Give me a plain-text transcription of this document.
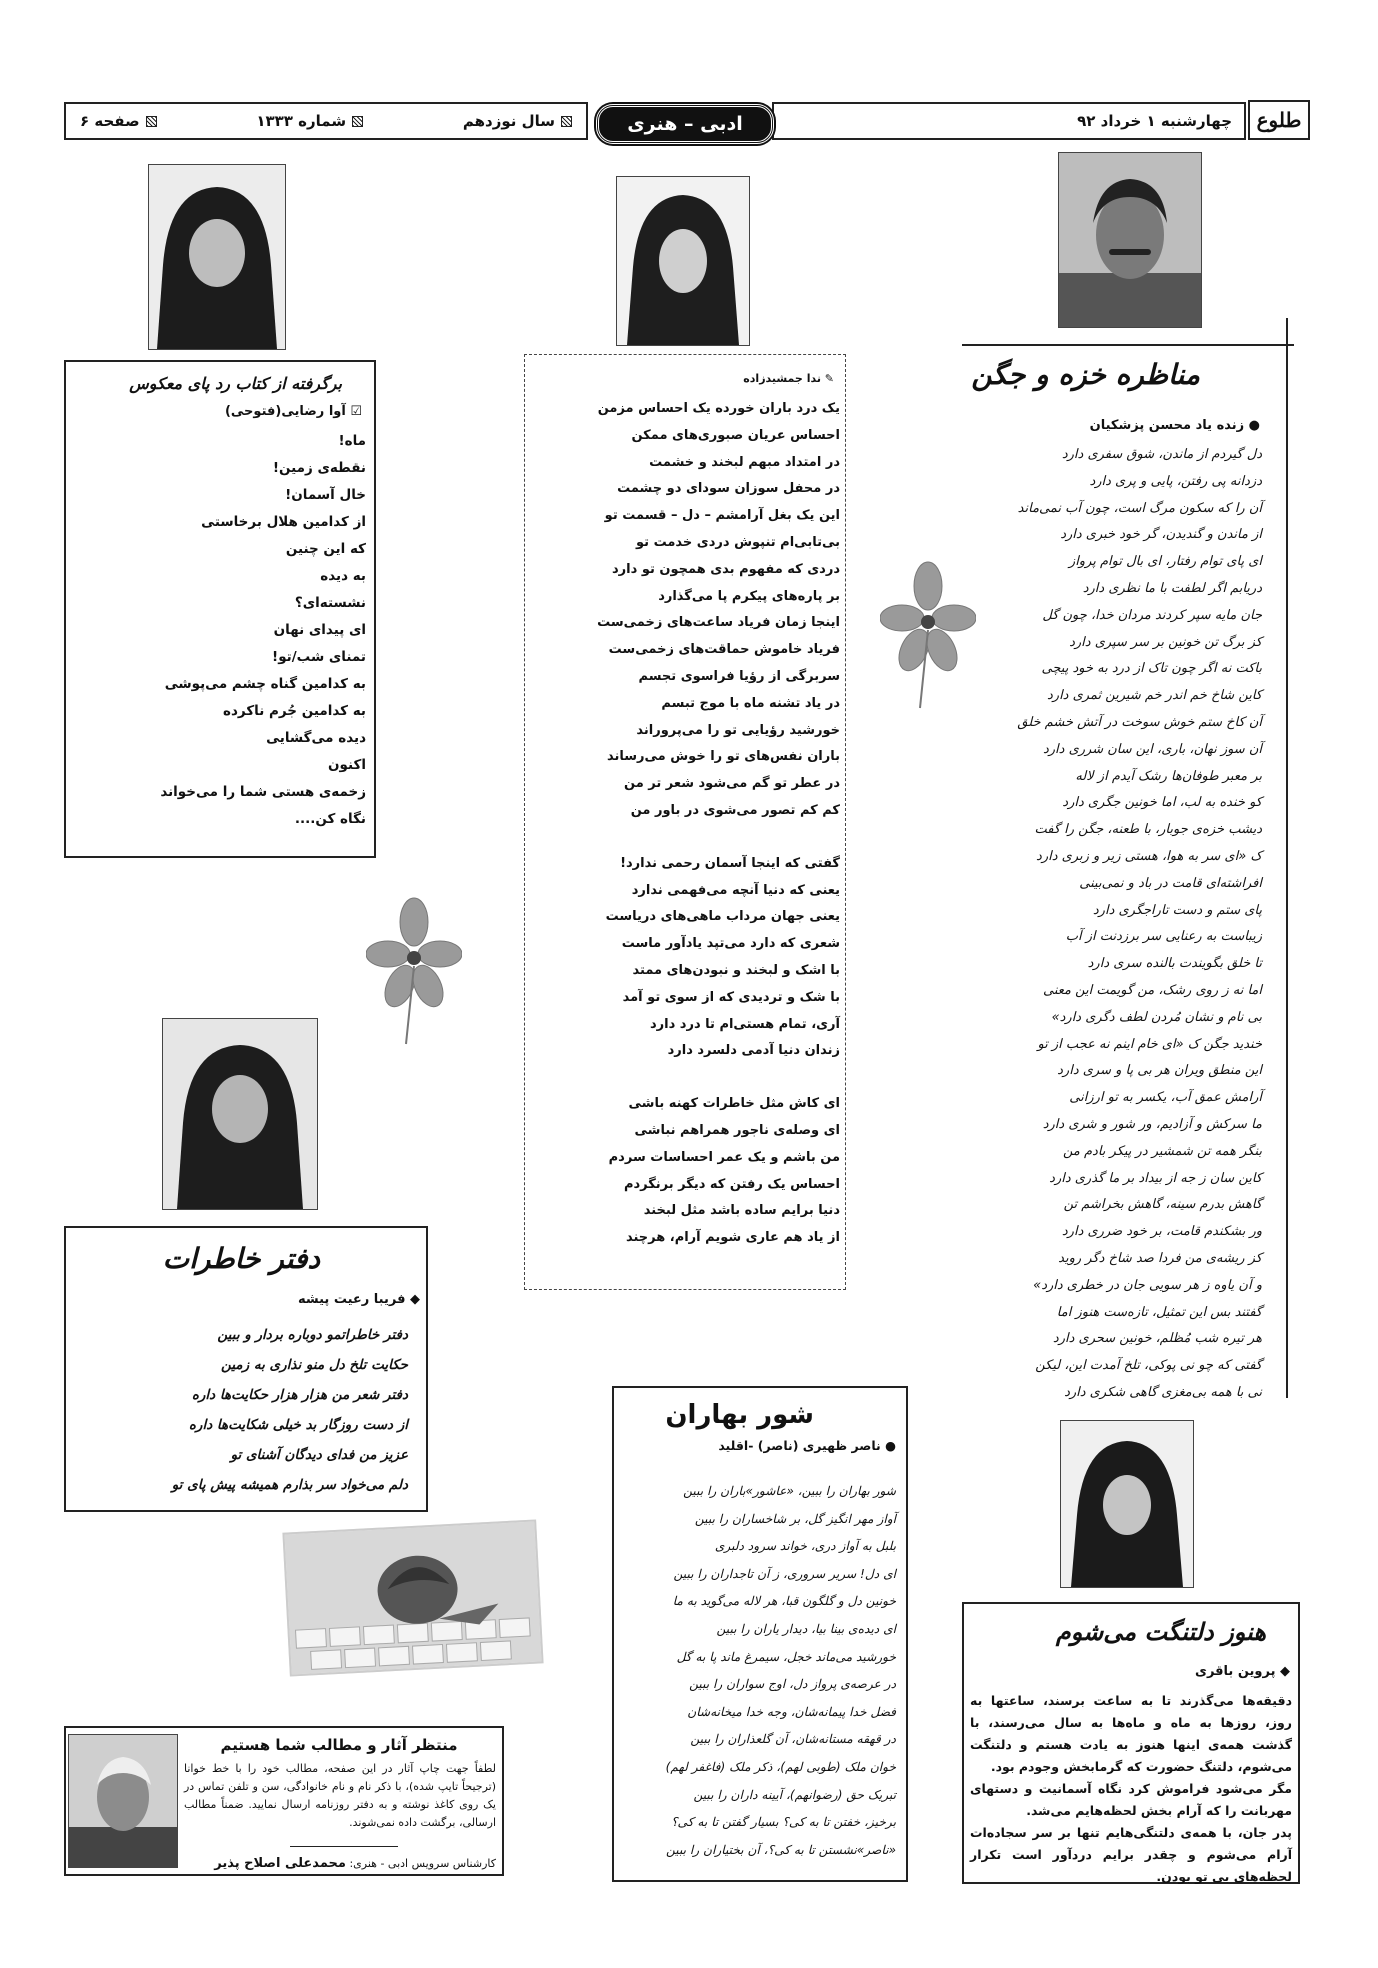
طلوع
چهارشنبه ۱ خرداد ۹۲
ادبی – هنری
سال نوزدهم
شماره ۱۳۳۳
صفحه ۶
مناظره خزه و جگن
● زنده یاد محسن پزشکیان
دل گیردم از ماندن، شوق سفری دارد
دزدانه پی رفتن، پایی و پری دارد
آن را که سکون مرگ است، چون آب نمی‌ماند
از ماندن و گندیدن، گر خود خبری دارد
ای پای توام رفتار، ای بال توام پرواز
دریابم اگر لطفت با ما نظری دارد
جان مایه سپر کردند مردان خدا، چون گل
کز برگ تن خونین بر سر سپری دارد
باکت نه اگر چون تاک از درد به خود پیچی
کاین شاخ خم اندر خم شیرین ثمری دارد
آن کاخ ستم خوش سوخت در آتش خشم خلق
آن سوز نهان، باری، این سان شرری دارد
بر معبر طوفان‌ها رشک آیدم از لاله
کو خنده به لب، اما خونین جگری دارد
دیشب خزه‌ی جوبار، با طعنه، جگن را گفت
ک «ای سر به هوا، هستی زیر و زبری دارد
افراشته‌ای قامت در باد و نمی‌بینی
پای ستم و دست تاراجگری دارد
زیباست به رعنایی سر برزدنت از آب
تا خلق بگویندت بالنده سری دارد
اما نه ز روی رشک، من گویمت این معنی
بی نام و نشان مُردن لطف دگری دارد»
خندید جگن ک «ای خام اینم نه عجب از تو
این منطق ویران هر بی پا و سری دارد
آرامش عمق آب، یکسر به تو ارزانی
ما سرکش و آزادیم، ور شور و شری دارد
بنگر همه تن شمشیر در پیکر بادم من
کاین سان ز جه از بیداد بر ما گذری دارد
گاهش بدرم سینه، گاهش بخراشم تن
ور بشکندم قامت، بر خود ضرری دارد
کز ریشه‌ی من فردا صد شاخ دگر روید
و آن یاوه ز هر سویی جان در خطری دارد»
گفتند بس این تمثیل، تازه‌ست هنوز اما
هر تیره شب مُظلم، خونین سحری دارد
گفتی که چو نی پوکی، تلخ آمدت این، لیکن
نی با همه بی‌مغزی گاهی شکری دارد
✎ ندا جمشیدزاده
یک درد باران خورده یک احساس مزمن
احساس عریان صبوری‌های ممکن
در امتداد مبهم لبخند و خشمت
در محفل سوزان سودای دو چشمت
این یک بغل آرامشم – دل – قسمت تو
بی‌تابی‌ام تنپوش دردی خدمت تو
دردی که مفهوم بدی همچون تو دارد
بر پاره‌های پیکرم پا می‌گذارد
اینجا زمان فریاد ساعت‌های زخمی‌ست
فریاد خاموش حماقت‌های زخمی‌ست
سربرگی از رؤیا فراسوی تجسم
در یاد تشنه ماه با موج تبسم
خورشید رؤیایی تو را می‌پروراند
باران نفس‌های تو را خوش می‌رساند
در عطر تو گم می‌شود شعر تر من
کم کم تصور می‌شوی در باور من
گفتی که اینجا آسمان رحمی ندارد!
یعنی که دنیا آنچه می‌فهمی ندارد
یعنی جهان مرداب ماهی‌های دریاست
شعری که دارد می‌تپد یادآور ماست
با اشک و لبخند و نبودن‌های ممتد
با شک و تردیدی که از سوی تو آمد
آری، تمام هستی‌ام تا درد دارد
زندان دنیا آدمی دلسرد دارد
ای کاش مثل خاطرات کهنه باشی
ای وصله‌ی ناجور همراهم نباشی
من باشم و یک عمر احساسات سردم
احساس یک رفتن که دیگر برنگردم
دنیا برایم ساده باشد مثل لبخند
از یاد هم عاری شویم آرام، هرچند
برگرفته از کتاب رد پای معکوس
☑ آوا رضایی(فتوحی)
ماه!
نقطه‌ی زمین!
خال آسمان!
از کدامین هلال برخاستی
که این چنین
به دیده
نشسته‌ای؟
ای پیدای نهان
تمنای شب/تو!
به کدامین گناه چشم می‌پوشی
به کدامین جُرم ناکرده
دیده می‌گشایی
اکنون
زخمه‌ی هستی شما را می‌خواند
نگاه کن....
دفتر خاطرات
◆ فریبا رعیت پیشه
دفتر خاطراتمو دوباره بردار و ببین
حکایت تلخ دل منو نذاری به زمین
دفتر شعر من هزار هزار حکایت‌ها داره
از دست روزگار بد خیلی شکایت‌ها داره
عزیز من فدای دیدگان آشنای تو
دلم می‌خواد سر بذارم همیشه پیش پای تو
شور بهاران
● ناصر ظهیری (ناصر) -اقلید
شور بهاران را ببین، «عاشور»باران را ببین
آواز مهر انگیز گل، بر شاخساران را ببین
بلبل به آواز دری، خواند سرود دلبری
ای دل! سریر سروری، ز آن تاجداران را ببین
خونین دل و گلگون قبا، هر لاله می‌گوید به ما
ای دیده‌ی بینا بیا، دیدار یاران را ببین
خورشید می‌ماند خجل، سیمرغ ماند پا به گل
در عرصه‌ی پرواز دل، اوج سواران را ببین
فضل خدا پیمانه‌شان، وجه خدا میخانه‌شان
در قهقه مستانه‌شان، آن گلعذاران را ببین
خوان ملک (طوبی لهم)، ذکر ملک (فاغفر لهم)
تبریک حق (رضوانهم)، آیینه داران را ببین
برخیز، خفتن تا به کی؟ بسیار گفتن تا به کی؟
«ناصر»نشستن تا به کی؟، آن بختیاران را ببین
هنوز دلتنگت می‌شوم
◆ پروین باقری
دقیقه‌ها می‌گذرند تا به ساعت برسند، ساعتها به روز، روزها به ماه و ماه‌ها به سال می‌رسند، با گذشت همه‌ی اینها هنوز به یادت هستم و دلتنگت می‌شوم، دلتنگ حضورت که گرمابخش وجودم بود.
مگر می‌شود فراموش کرد نگاه آسمانیت و دستهای مهربانت را که آرام بخش لحظه‌هایم می‌شد.
پدر جان، با همه‌ی دلتنگی‌هایم تنها بر سر سجاده‌ات آرام می‌شوم و چقدر برایم دردآور است تکرار لحظه‌های بی تو بودن.
منتظر آثار و مطالب شما هستیم
لطفاً جهت چاپ آثار در این صفحه، مطالب خود را با خط خوانا (ترجیحاً تایپ شده)، با ذکر نام و نام خانوادگی، سن و تلفن تماس در یک روی کاغذ نوشته و به دفتر روزنامه ارسال نمایید. ضمناً مطالب ارسالی، برگشت داده نمی‌شوند.
کارشناس سرویس ادبی - هنری: محمدعلی اصلاح پذیر
